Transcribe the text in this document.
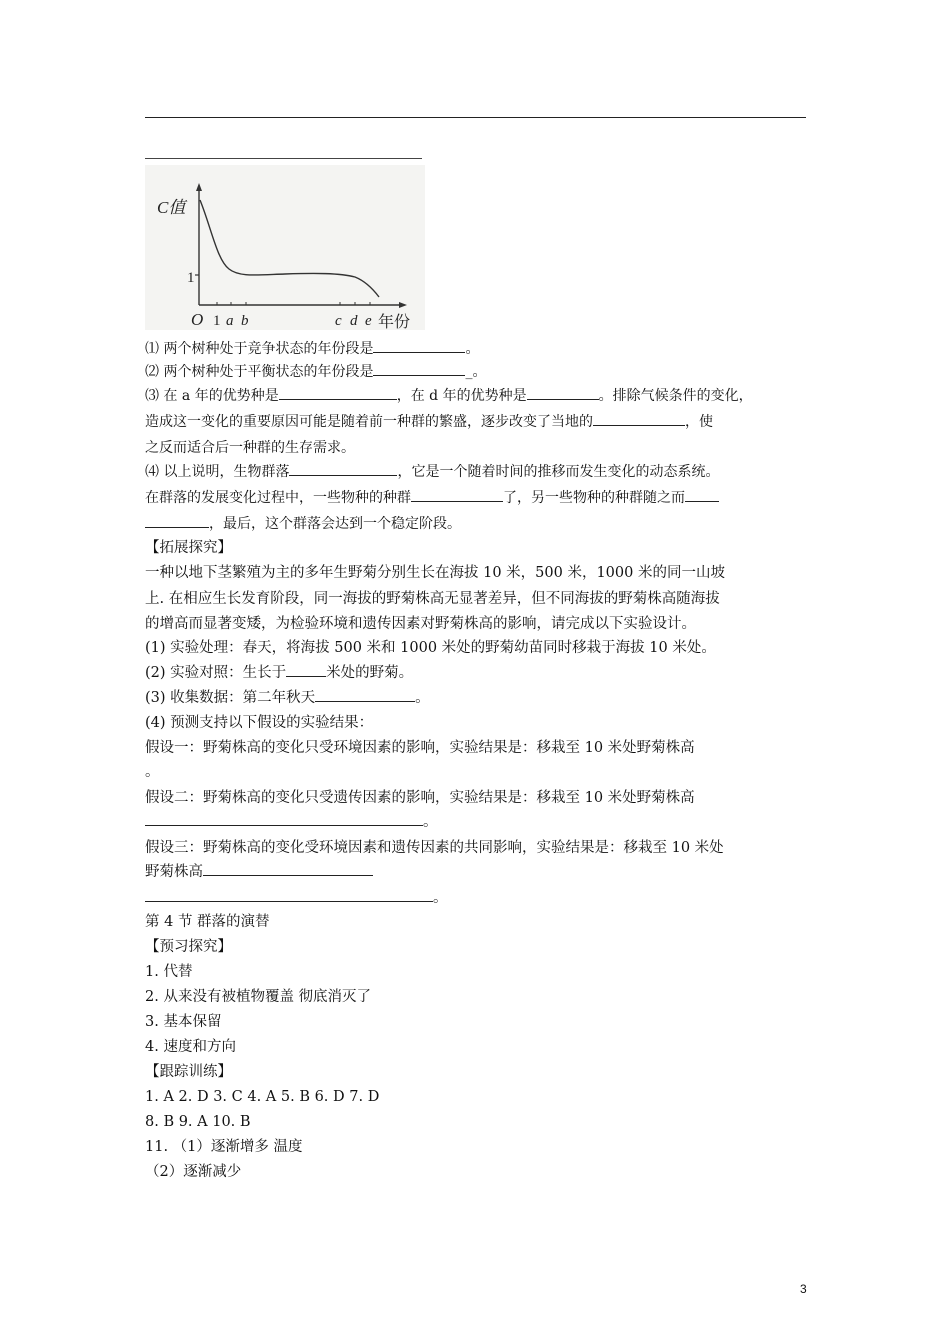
C值
1
O 1 a b	c d e 年份
⑴ 两个树种处于竞争状态的年份段是	。
⑵ 两个树种处于平衡状态的年份段是	_。
⑶ 在 a 年的优势种是	，在 d 年的优势种是	。排除气候条件的变化，
造成这一变化的重要原因可能是随着前一种群的繁盛，逐步改变了当地的	，使
之反而适合后一种群的生存需求。
⑷ 以上说明，生物群落	，它是一个随着时间的推移而发生变化的动态系统。
在群落的发展变化过程中，一些物种的种群	了，另一些物种的种群随之而
，最后，这个群落会达到一个稳定阶段。
【拓展探究】
一种以地下茎繁殖为主的多年生野菊分别生长在海拔 10 米，500 米，1000 米的同一山坡
上. 在相应生长发育阶段，同一海拔的野菊株高无显著差异，但不同海拔的野菊株高随海拔
的增高而显著变矮，为检验环境和遗传因素对野菊株高的影响，请完成以下实验设计。
(1) 实验处理：春天，将海拔 500 米和 1000 米处的野菊幼苗同时移栽于海拔 10 米处。
(2) 实验对照：生长于	米处的野菊。
(3) 收集数据：第二年秋天	。
(4) 预测支持以下假设的实验结果：
假设一：野菊株高的变化只受环境因素的影响，实验结果是：移栽至 10 米处野菊株高
。
假设二：野菊株高的变化只受遗传因素的影响，实验结果是：移栽至 10 米处野菊株高
。
假设三：野菊株高的变化受环境因素和遗传因素的共同影响，实验结果是：移栽至 10 米处
野菊株高
。
第 4 节 群落的演替
【预习探究】
1. 代替
2. 从来没有被植物覆盖 彻底消灭了
3. 基本保留
4. 速度和方向
【跟踪训练】
1. A 2. D 3. C 4. A 5. B 6. D 7. D
8. B 9. A 10. B
11. （1）逐渐增多 温度
（2）逐渐减少
3
